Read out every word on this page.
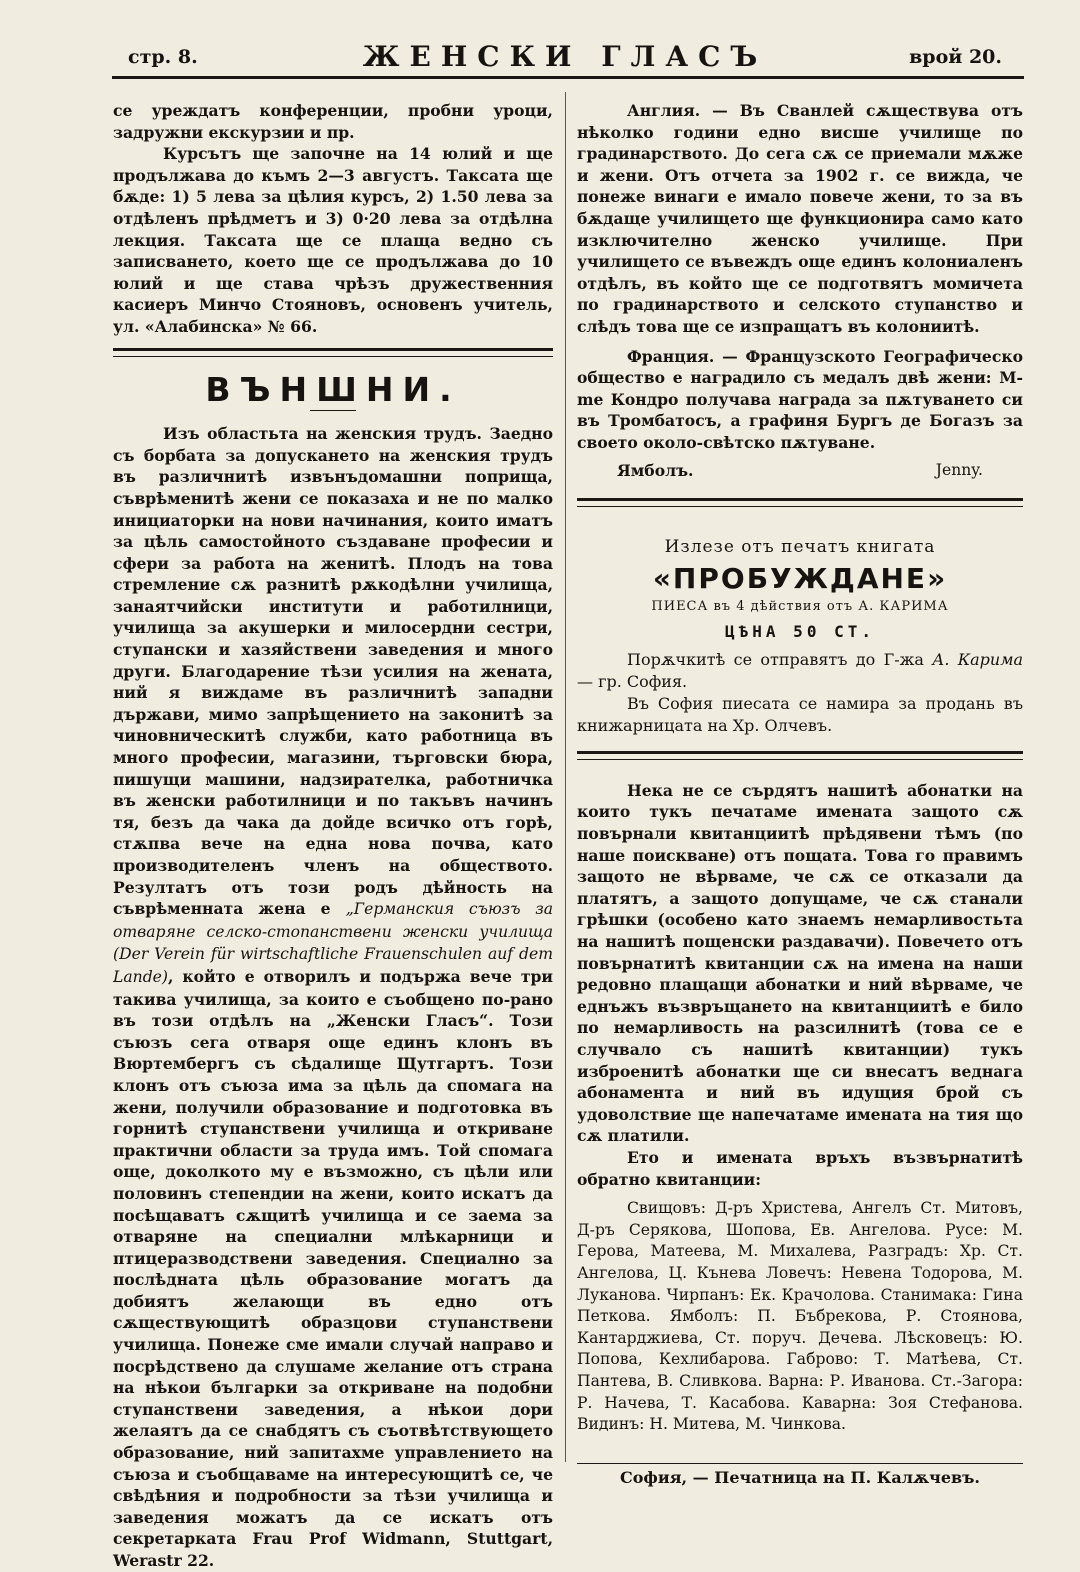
стр. 8.	ЖЕНСКИ ГЛАСЪ	врой 20.

се уреждатъ конференции, пробни уроци, задружни екскурзии и пр.

Курсътъ ще започне на 14 юлий и ще продължава до къмъ 2—3 августъ. Таксата ще бѫде: 1) 5 лева за цѣлия курсъ, 2) 1.50 лева за отдѣленъ прѣдметъ и 3) 0·20 лева за отдѣлна лекция. Таксата ще се плаща ведно съ записването, което ще се продължава до 10 юлий и ще става чрѣзъ дружественния касиеръ Минчо Стояновъ, основенъ учитель, ул. «Алабинска» № 66.

ВЪНШНИ.

Изъ областьта на женския трудъ. Заедно съ борбата за допускането на женския трудъ въ различнитѣ извънъдомашни поприща, съврѣменитѣ жени се показаха и не по малко инициаторки на нови начинания, които иматъ за цѣль самостойното създаване професии и сфери за работа на женитѣ. Плодъ на това стремление сѫ разнитѣ рѫкодѣлни училища, занаятчийски институти и работилници, училища за акушерки и милосердни сестри, ступански и хазяйствени заведения и много други. Благодарение тѣзи усилия на жената, ний я виждаме въ различнитѣ западни държави, мимо запрѣщението на законитѣ за чиновническитѣ служби, като работница въ много професии, магазини, търговски бюра, пишущи машини, надзирателка, работничка въ женски работилници и по такъвъ начинъ тя, безъ да чака да дойде всичко отъ горѣ, стѫпва вече на една нова почва, като производителенъ членъ на обществото. Резултатъ отъ този родъ дѣйность на съврѣменната жена е „Германския съюзъ за отваряне селско-стопанствени женски училища (Der Verein für wirtschaftliche Frauenschulen auf dem Lande), който е отворилъ и подържа вече три такива училища, за които е съобщено по-рано въ този отдѣлъ на „Женски Гласъ“. Този съюзъ сега отваря още единъ клонъ въ Вюртембергъ съ сѣдалище Щутгартъ. Този клонъ отъ съюза има за цѣль да спомага на жени, получили образование и подготовка въ горнитѣ ступанствени училища и откриване практични области за труда имъ. Той спомага още, доколкото му е възможно, съ цѣли или половинъ степендии на жени, които искатъ да посѣщаватъ сѫщитѣ училища и се заема за отваряне на специални млѣкарници и птицеразводствени заведения. Специално за послѣдната цѣль образование могатъ да добиятъ желающи въ едно отъ сѫществующитѣ образцови ступанствени училища. Понеже сме имали случай направо и посрѣдствено да слушаме желание отъ страна на нѣкои българки за откриване на подобни ступанствени заведения, а нѣкои дори желаятъ да се снабдятъ съ съотвѣтствующето образование, ний запитахме управлението на съюза и съобщаваме на интересующитѣ се, че свѣдѣния и подробности за тѣзи училища и заведения можатъ да се искатъ отъ секретарката Frau Prof Widmann, Stuttgart, Werastr 22.

Англия. — Въ Сванлей сѫществува отъ нѣколко години едно висше училище по градинарството. До сега сѫ се приемали мѫже и жени. Отъ отчета за 1902 г. се вижда, че понеже винаги е имало повече жени, то за въ бѫдаще училището ще функционира само като изключително женско училище. При училището се въвеждъ още единъ колониаленъ отдѣлъ, въ който ще се подготвятъ момичета по градинарството и селското ступанство и слѣдъ това ще се изпращатъ въ колониитѣ.

Франция. — Французското Географическо общество е наградило съ медалъ двѣ жени: M-me Кондро получава награда за пѫтуването си въ Тромбатосъ, а графиня Бургъ де Богазъ за своето около-свѣтско пѫтуване.

Ямболъ.	Jenny.
Излезе отъ печатъ книгата
«ПРОБУЖДАНЕ»
ПИЕСА въ 4 дѣйствия отъ А. КАРИМА
ЦѢНА 50 СТ.

Порѫчкитѣ се отправятъ до Г-жа А. Карима — гр. София.

Въ София пиесата се намира за продань въ книжарницата на Хр. Олчевъ.

Нека не се сърдятъ нашитѣ абонатки на които тукъ печатаме имената защото сѫ повърнали квитанциитѣ прѣдявени тѣмъ (по наше поискване) отъ пощата. Това го правимъ защото не вѣрваме, че сѫ се отказали да платятъ, а защото допущаме, че сѫ станали грѣшки (особено като знаемъ немарливостьта на нашитѣ пощенски раздавачи). Повечето отъ повърнатитѣ квитанции сѫ на имена на наши редовно плащащи абонатки и ний вѣрваме, че еднъжъ възвръщането на квитанциитѣ е било по немарливость на разсилнитѣ (това се е случвало съ нашитѣ квитанции) тукъ изброенитѣ абонатки ще си внесатъ веднага абонамента и ний въ идущия брой съ удоволствие ще напечатаме имената на тия що сѫ платили.

Ето и имената връхъ възвърнатитѣ обратно квитанции:

Свищовъ: Д-ръ Христева, Ангелъ Ст. Митовъ, Д-ръ Серякова, Шопова, Ев. Ангелова. Русе: М. Герова, Матеева, М. Михалева, Разградъ: Хр. Ст. Ангелова, Ц. Кънева Ловечъ: Невена Тодорова, М. Луканова. Чирпанъ: Ек. Крачолова. Станимака: Гина Петкова. Ямболъ: П. Бъбрекова, Р. Стоянова, Кантарджиева, Ст. поруч. Дечева. Лѣсковецъ: Ю. Попова, Кехлибарова. Габрово: Т. Матѣева, Ст. Пантева, В. Сливкова. Варна: Р. Иванова. Ст.-Загора: Р. Начева, Т. Касабова. Каварна: Зоя Стефанова. Видинъ: Н. Митева, М. Чинкова.

София, — Печатница на П. Калѫчевъ.
